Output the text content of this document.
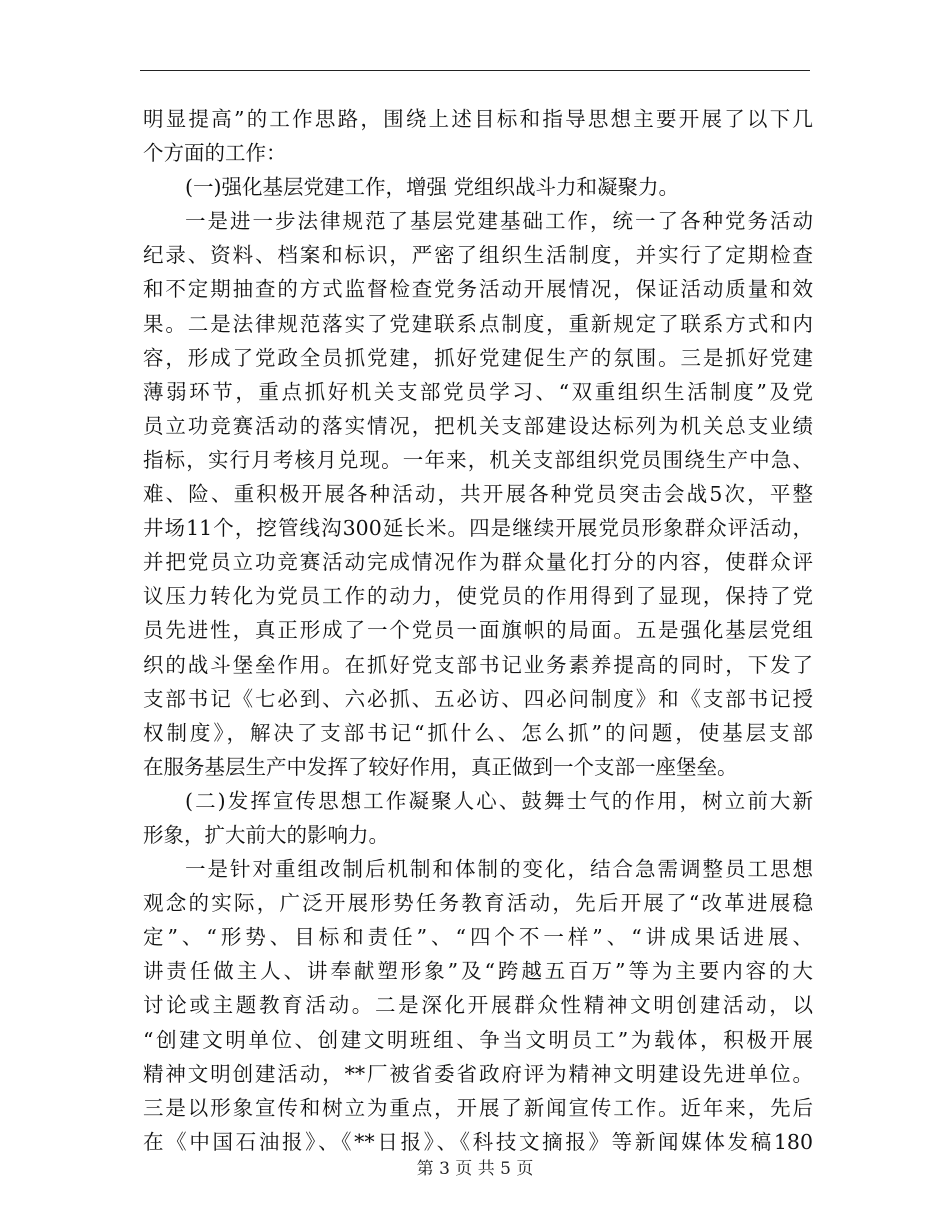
明显提高”的工作思路，围绕上述目标和指导思想主要开展了以下几
个方面的工作：
(一)强化基层党建工作，增强 党组织战斗力和凝聚力。
一是进一步法律规范了基层党建基础工作，统一了各种党务活动
纪录、资料、档案和标识，严密了组织生活制度，并实行了定期检查
和不定期抽查的方式监督检查党务活动开展情况，保证活动质量和效
果。二是法律规范落实了党建联系点制度，重新规定了联系方式和内
容，形成了党政全员抓党建，抓好党建促生产的氛围。三是抓好党建
薄弱环节，重点抓好机关支部党员学习、“双重组织生活制度”及党
员立功竞赛活动的落实情况，把机关支部建设达标列为机关总支业绩
指标，实行月考核月兑现。一年来，机关支部组织党员围绕生产中急、
难、险、重积极开展各种活动，共开展各种党员突击会战5次，平整
井场11个，挖管线沟300延长米。四是继续开展党员形象群众评活动，
并把党员立功竞赛活动完成情况作为群众量化打分的内容，使群众评
议压力转化为党员工作的动力，使党员的作用得到了显现，保持了党
员先进性，真正形成了一个党员一面旗帜的局面。五是强化基层党组
织的战斗堡垒作用。在抓好党支部书记业务素养提高的同时，下发了
支部书记《七必到、六必抓、五必访、四必问制度》和《支部书记授
权制度》，解决了支部书记“抓什么、怎么抓”的问题，使基层支部
在服务基层生产中发挥了较好作用，真正做到一个支部一座堡垒。
(二)发挥宣传思想工作凝聚人心、鼓舞士气的作用，树立前大新
形象，扩大前大的影响力。
一是针对重组改制后机制和体制的变化，结合急需调整员工思想
观念的实际，广泛开展形势任务教育活动，先后开展了“改革进展稳
定”、“形势、目标和责任”、“四个不一样”、“讲成果话进展、
讲责任做主人、讲奉献塑形象”及“跨越五百万”等为主要内容的大
讨论或主题教育活动。二是深化开展群众性精神文明创建活动，以
“创建文明单位、创建文明班组、争当文明员工”为载体，积极开展
精神文明创建活动，**厂被省委省政府评为精神文明建设先进单位。
三是以形象宣传和树立为重点，开展了新闻宣传工作。近年来，先后
在《中国石油报》、《**日报》、《科技文摘报》等新闻媒体发稿180
第 3 页 共 5 页
